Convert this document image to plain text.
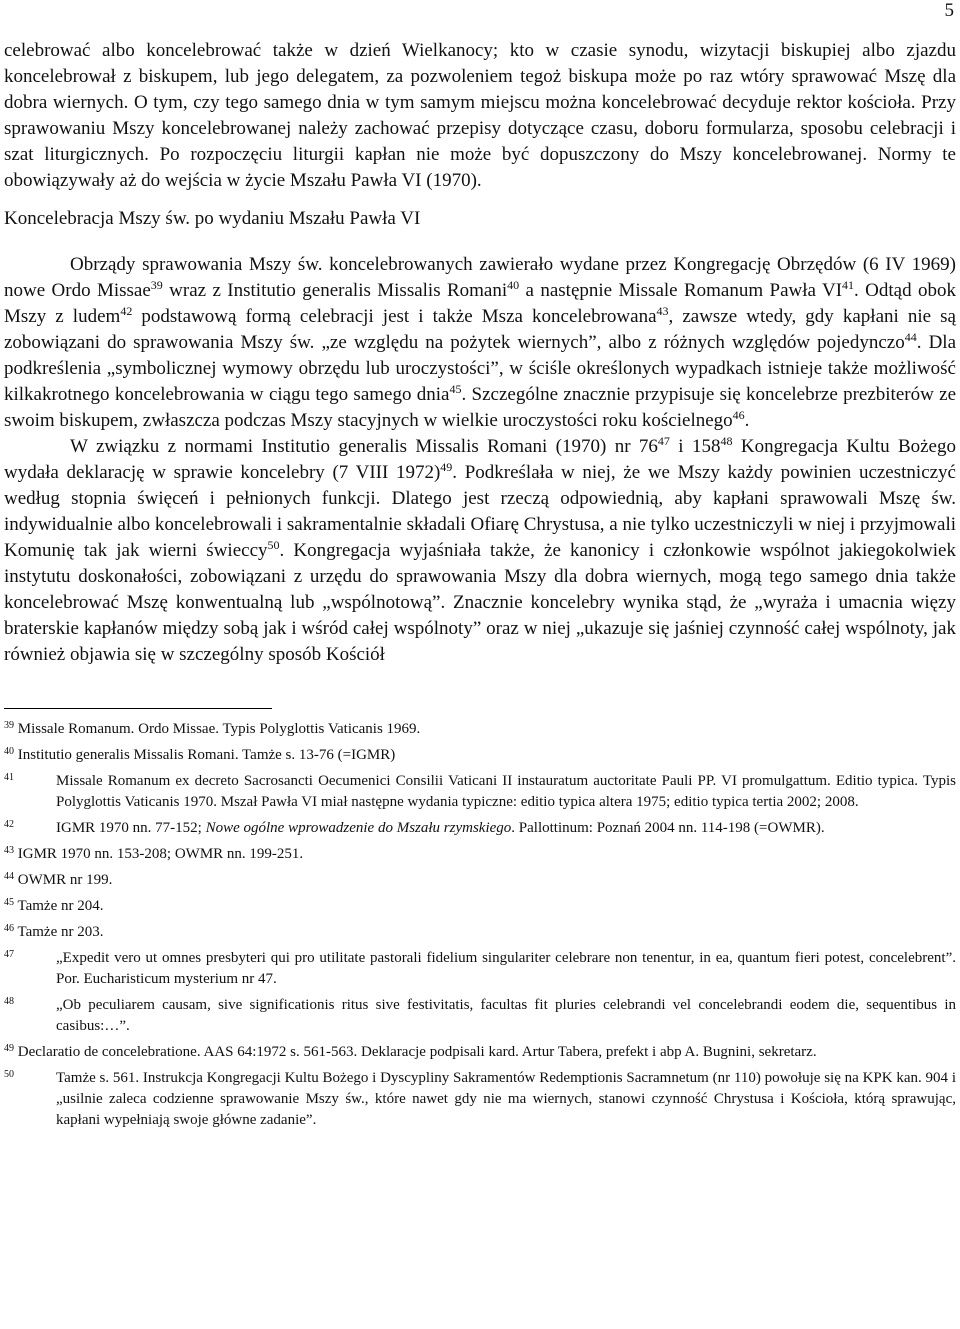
5

celebrować albo koncelebrować także w dzień Wielkanocy; kto w czasie synodu, wizytacji biskupiej albo zjazdu koncelebrował z biskupem, lub jego delegatem, za pozwoleniem tegoż biskupa może po raz wtóry sprawować Mszę dla dobra wiernych. O tym, czy tego samego dnia w tym samym miejscu można koncelebrować decyduje rektor kościoła. Przy sprawowaniu Mszy koncelebrowanej należy zachować przepisy dotyczące czasu, doboru formularza, sposobu celebracji i szat liturgicznych. Po rozpoczęciu liturgii kapłan nie może być dopuszczony do Mszy koncelebrowanej. Normy te obowiązywały aż do wejścia w życie Mszału Pawła VI (1970).

Koncelebracja Mszy św. po wydaniu Mszału Pawła VI

Obrządy sprawowania Mszy św. koncelebrowanych zawierało wydane przez Kongregację Obrzędów (6 IV 1969) nowe Ordo Missae$^{39}$ wraz z Institutio generalis Missalis Romani$^{40}$ a następnie Missale Romanum Pawła VI$^{41}$. Odtąd obok Mszy z ludem$^{42}$ podstawową formą celebracji jest i także Msza koncelebrowana$^{43}$, zawsze wtedy, gdy kapłani nie są zobowiązani do sprawowania Mszy św. „ze względu na pożytek wiernych”, albo z różnych względów pojedynczo$^{44}$. Dla podkreślenia „symbolicznej wymowy obrzędu lub uroczystości”, w ściśle określonych wypadkach istnieje także możliwość kilkakrotnego koncelebrowania w ciągu tego samego dnia$^{45}$. Szczególne znacznie przypisuje się koncelebrze prezbiterów ze swoim biskupem, zwłaszcza podczas Mszy stacyjnych w wielkie uroczystości roku kościelnego$^{46}$.

W związku z normami Institutio generalis Missalis Romani (1970) nr $76^{47}$ i $158^{48}$ Kongregacja Kultu Bożego wydała deklarację w sprawie koncelebry (7 VIII 1972)$^{49}$. Podkreślała w niej, że we Mszy każdy powinien uczestniczyć według stopnia święceń i pełnionych funkcji. Dlatego jest rzeczą odpowiednią, aby kapłani sprawowali Mszę św. indywidualnie albo koncelebrowali i sakramentalnie składali Ofiarę Chrystusa, a nie tylko uczestniczyli w niej i przyjmowali Komunię tak jak wierni świeccy$^{50}$. Kongregacja wyjaśniała także, że kanonicy i członkowie wspólnot jakiegokolwiek instytutu doskonałości, zobowiązani z urzędu do sprawowania Mszy dla dobra wiernych, mogą tego samego dnia także koncelebrować Mszę konwentualną lub „wspólnotową”. Znacznie koncelebry wynika stąd, że „wyraża i umacnia więzy braterskie kapłanów między sobą jak i wśród całej wspólnoty” oraz w niej „ukazuje się jaśniej czynność całej wspólnoty, jak również objawia się w szczególny sposób Kościół

$^{39}$ Missale Romanum. Ordo Missae. Typis Polyglottis Vaticanis 1969.

$^{40}$ Institutio generalis Missalis Romani. Tamże s. 13-76 (=IGMR)

$^{41}$	Missale Romanum ex decreto Sacrosancti Oecumenici Consilii Vaticani II instauratum auctoritate Pauli PP. VI promulgattum. Editio typica. Typis Polyglottis Vaticanis 1970. Mszał Pawła VI miał następne wydania typiczne: editio typica altera 1975; editio typica tertia 2002; 2008.

$^{42}$	IGMR 1970 nn. 77-152; Nowe ogólne wprowadzenie do Mszału rzymskiego. Pallottinum: Poznań 2004 nn. 114-198 (=OWMR).

$^{43}$ IGMR 1970 nn. 153-208; OWMR nn. 199-251.

$^{44}$ OWMR nr 199.

$^{45}$ Tamże nr 204.

$^{46}$ Tamże nr 203.

$^{47}$	„Expedit vero ut omnes presbyteri qui pro utilitate pastorali fidelium singulariter celebrare non tenentur, in ea, quantum fieri potest, concelebrent”. Por. Eucharisticum mysterium nr 47.

$^{48}$	„Ob peculiarem causam, sive significationis ritus sive festivitatis, facultas fit pluries celebrandi vel concelebrandi eodem die, sequentibus in casibus:…”.

$^{49}$ Declaratio de concelebratione. AAS 64:1972 s. 561-563. Deklaracje podpisali kard. Artur Tabera, prefekt i abp A. Bugnini, sekretarz.

$^{50}$	Tamże s. 561. Instrukcja Kongregacji Kultu Bożego i Dyscypliny Sakramentów Redemptionis Sacramnetum (nr 110) powołuje się na KPK kan. 904 i „usilnie zaleca codzienne sprawowanie Mszy św., które nawet gdy nie ma wiernych, stanowi czynność Chrystusa i Kościoła, którą sprawując, kapłani wypełniają swoje główne zadanie”.
